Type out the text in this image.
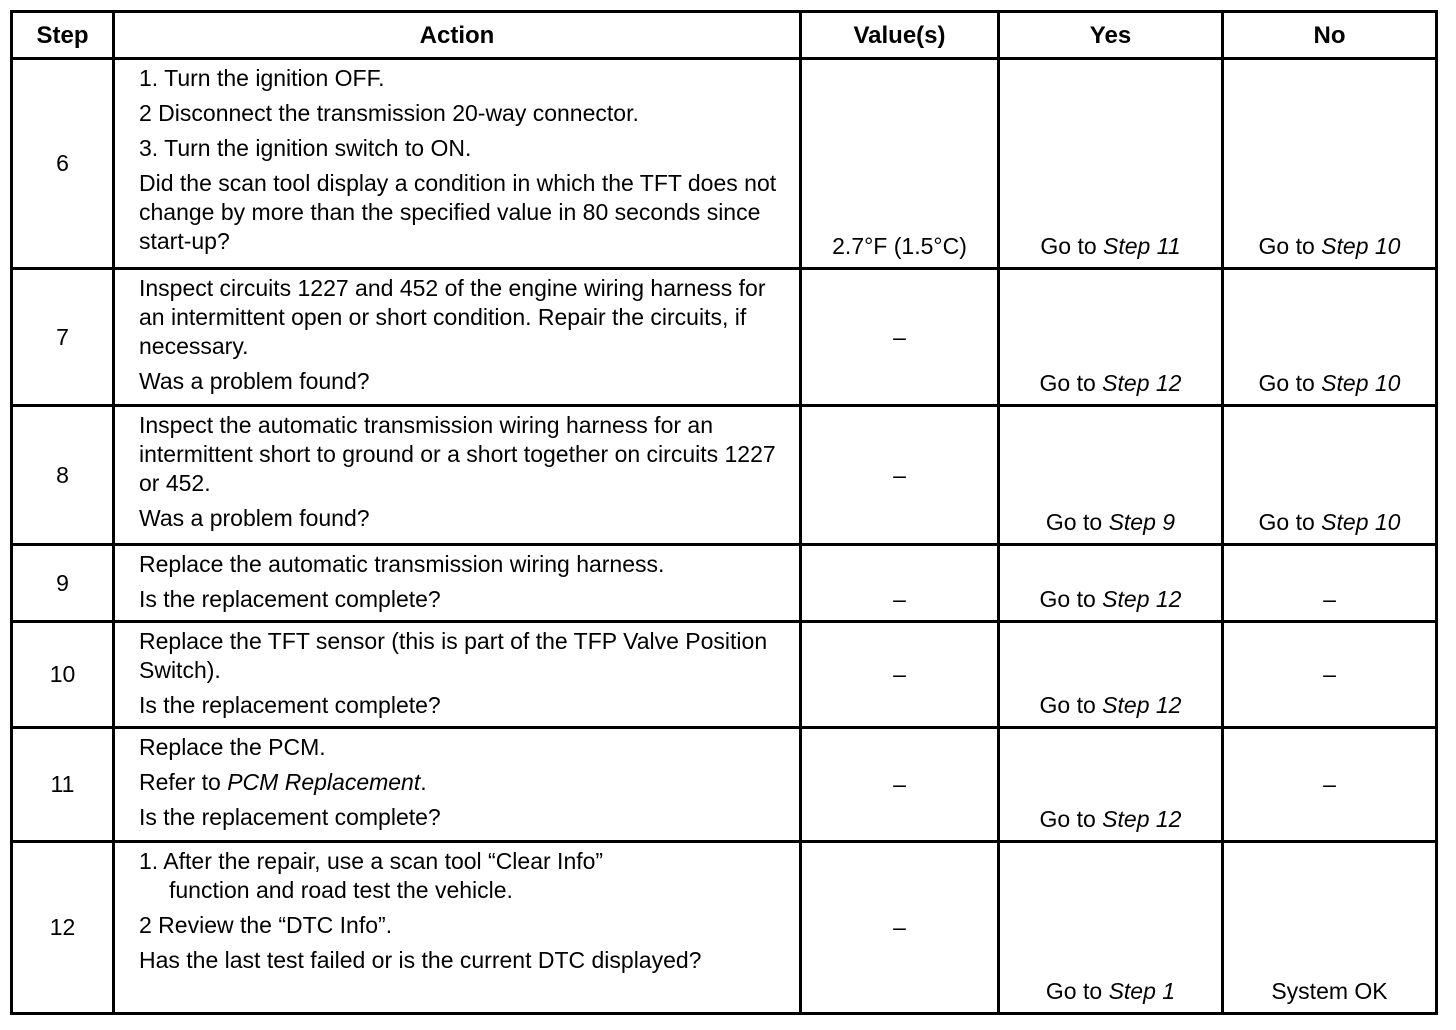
Step	Action	Value(s)	Yes	No
6	1. Turn the ignition OFF.
2 Disconnect the transmission 20-way connector.
3. Turn the ignition switch to ON.
Did the scan tool display a condition in which the TFT does not change by more than the specified value in 80 seconds since start-up?	2.7°F (1.5°C)	Go to Step 11	Go to Step 10
7	Inspect circuits 1227 and 452 of the engine wiring harness for an intermittent open or short condition. Repair the circuits, if necessary.
Was a problem found?	–	Go to Step 12	Go to Step 10
8	Inspect the automatic transmission wiring harness for an intermittent short to ground or a short together on circuits 1227 or 452.
Was a problem found?	–	Go to Step 9	Go to Step 10
9	Replace the automatic transmission wiring harness.
Is the replacement complete?	–	Go to Step 12	–
10	Replace the TFT sensor (this is part of the TFP Valve Position Switch).
Is the replacement complete?	–	Go to Step 12	–
11	Replace the PCM.
Refer to PCM Replacement.
Is the replacement complete?	–	Go to Step 12	–
12	1. After the repair, use a scan tool “Clear Info”
function and road test the vehicle.
2 Review the “DTC Info”.
Has the last test failed or is the current DTC displayed?	–	Go to Step 1	System OK
